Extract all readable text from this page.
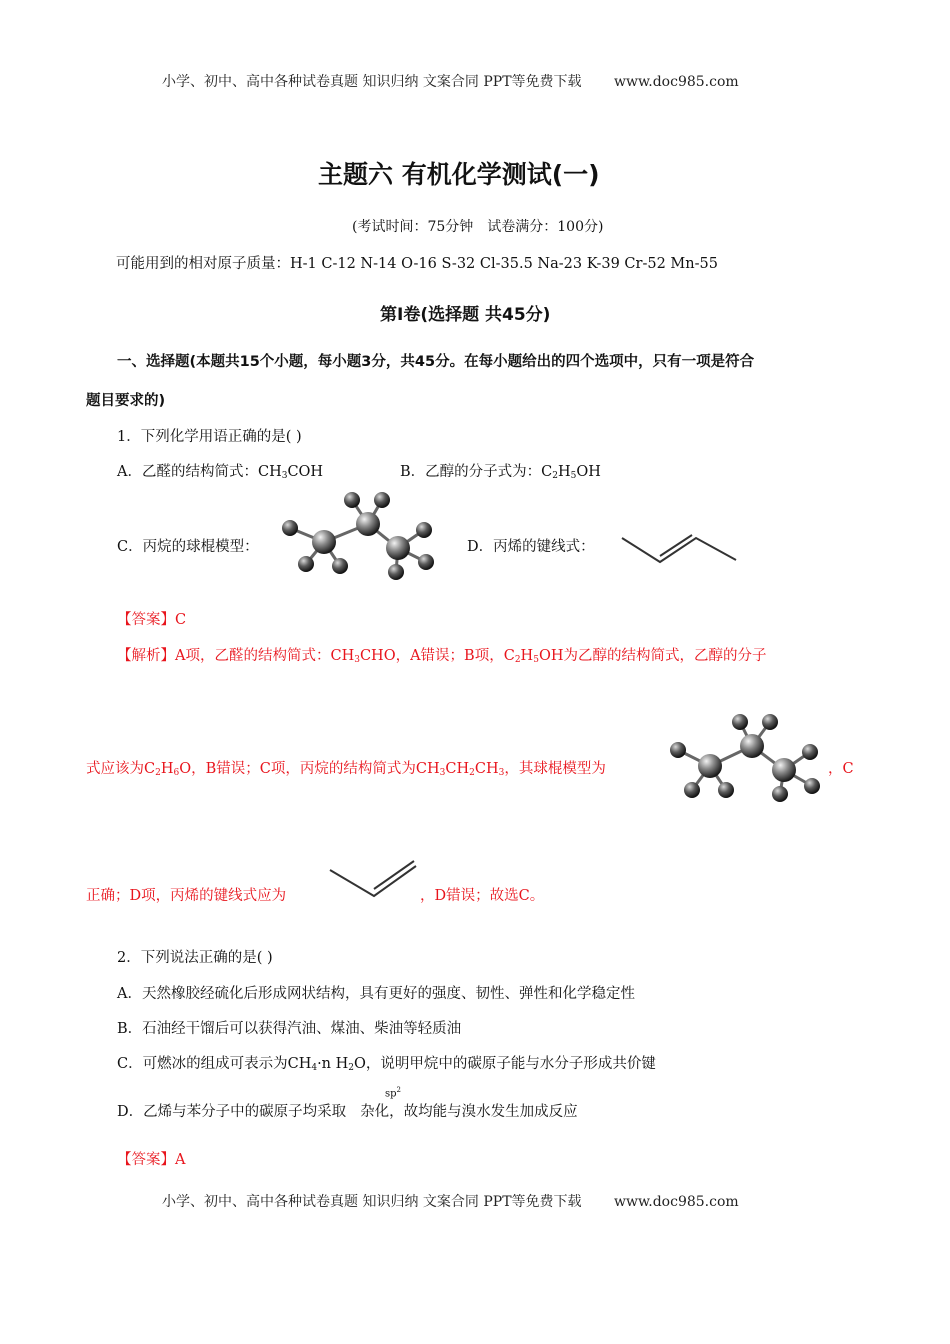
小学、初中、高中各种试卷真题 知识归纳 文案合同 PPT等免费下载 www.doc985.com
主题六 有机化学测试(一)
(考试时间：75分钟　试卷满分：100分)
可能用到的相对原子质量：H-1 C-12 N-14 O-16 S-32 Cl-35.5 Na-23 K-39 Cr-52 Mn-55
第Ⅰ卷(选择题 共45分)
一、选择题(本题共15个小题，每小题3分，共45分。在每小题给出的四个选项中，只有一项是符合
题目要求的)
1．下列化学用语正确的是( )
A．乙醛的结构简式：$CH_3COH$	B．乙醇的分子式为：$C_2H_5OH$
C．丙烷的球棍模型：	D．丙烯的键线式：
【答案】C
【解析】A项，乙醛的结构简式：$CH_3CHO$，A错误；B项，$C_2H_5OH$为乙醇的结构简式，乙醇的分子
式应该为$C_2H_6O$，B错误；C项，丙烷的结构简式为$CH_3CH_2CH_3$，其球棍模型为	，C
正确；D项，丙烯的键线式应为	，D错误；故选C。
2．下列说法正确的是( )
A．天然橡胶经硫化后形成网状结构，具有更好的强度、韧性、弹性和化学稳定性
B．石油经干馏后可以获得汽油、煤油、柴油等轻质油
C．可燃冰的组成可表示为$CH_4\cdot n$ $H_2O$，说明甲烷中的碳原子能与水分子形成共价键
$sp^2$
D．乙烯与苯分子中的碳原子均采取 杂化，故均能与溴水发生加成反应
【答案】A
小学、初中、高中各种试卷真题 知识归纳 文案合同 PPT等免费下载 www.doc985.com
